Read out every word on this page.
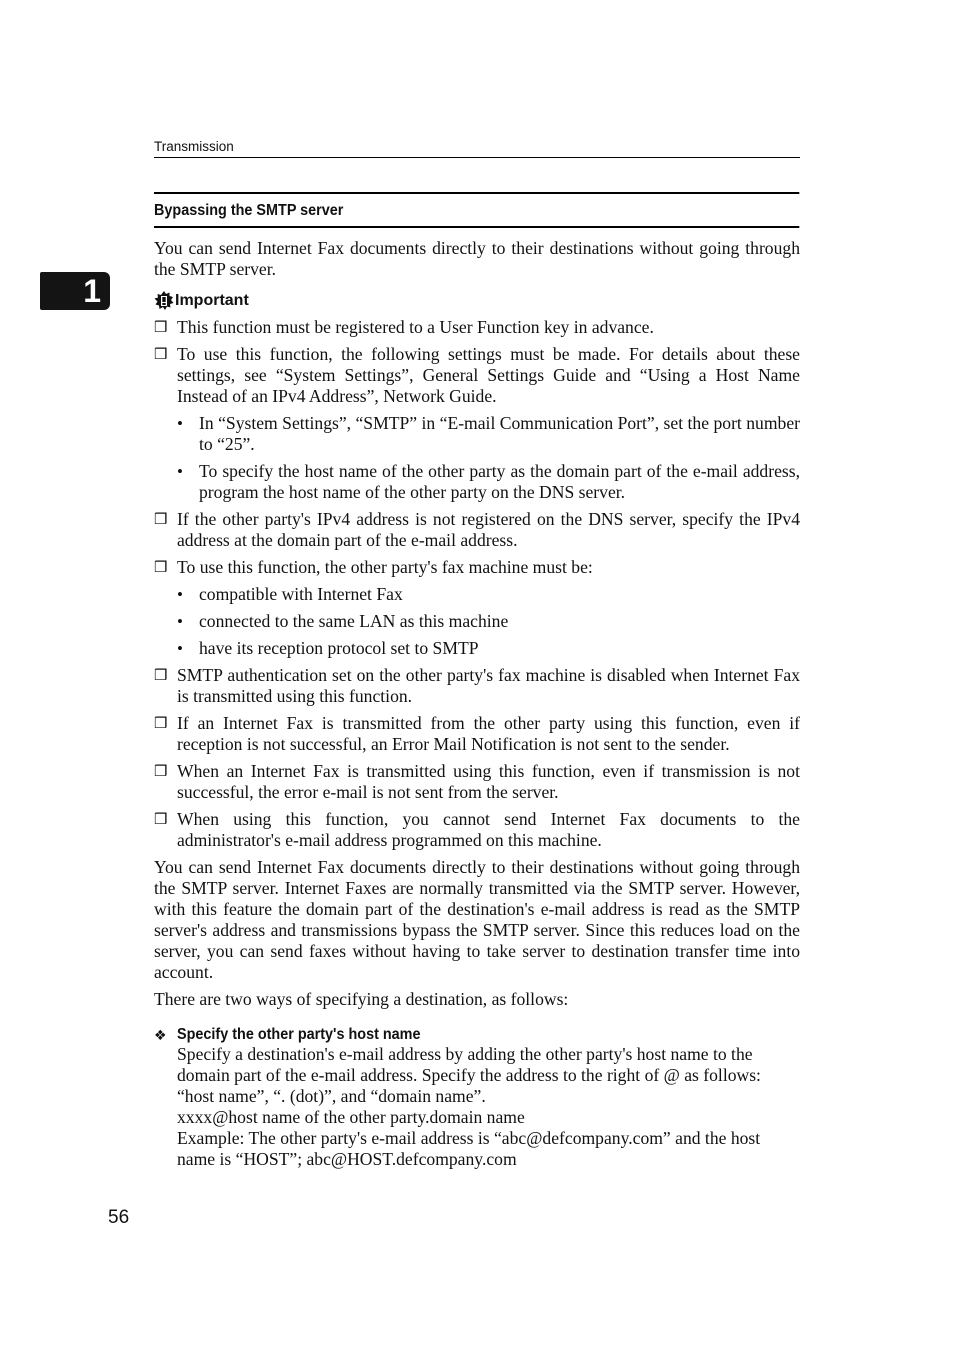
Transmission
1
Bypassing the SMTP server

You can send Internet Fax documents directly to their destinations without going through the SMTP server.

Important
❒ This function must be registered to a User Function key in advance.

❒ To use this function, the following settings must be made. For details about these settings, see “System Settings”, General Settings Guide and “Using a Host Name Instead of an IPv4 Address”, Network Guide.

• In “System Settings”, “SMTP” in “E-mail Communication Port”, set the port number to “25”.

• To specify the host name of the other party as the domain part of the e-mail address, program the host name of the other party on the DNS server.

❒ If the other party's IPv4 address is not registered on the DNS server, specify the IPv4 address at the domain part of the e-mail address.

❒ To use this function, the other party's fax machine must be:

• compatible with Internet Fax

• connected to the same LAN as this machine

• have its reception protocol set to SMTP

❒ SMTP authentication set on the other party's fax machine is disabled when Internet Fax is transmitted using this function.

❒ If an Internet Fax is transmitted from the other party using this function, even if reception is not successful, an Error Mail Notification is not sent to the sender.

❒ When an Internet Fax is transmitted using this function, even if transmission is not successful, the error e-mail is not sent from the server.

❒ When using this function, you cannot send Internet Fax documents to the administrator's e-mail address programmed on this machine.

You can send Internet Fax documents directly to their destinations without going through the SMTP server. Internet Faxes are normally transmitted via the SMTP server. However, with this feature the domain part of the destination's e-mail address is read as the SMTP server's address and transmissions bypass the SMTP server. Since this reduces load on the server, you can send faxes without having to take server to destination transfer time into account.

There are two ways of specifying a destination, as follows:

❖ Specify the other party's host name

Specify a destination's e-mail address by adding the other party's host name to the domain part of the e-mail address. Specify the address to the right of @ as follows: “host name”, “. (dot)”, and “domain name”.

xxxx@host name of the other party.domain name

Example: The other party's e-mail address is “abc@defcompany.com” and the host name is “HOST”; abc@HOST.defcompany.com

56
